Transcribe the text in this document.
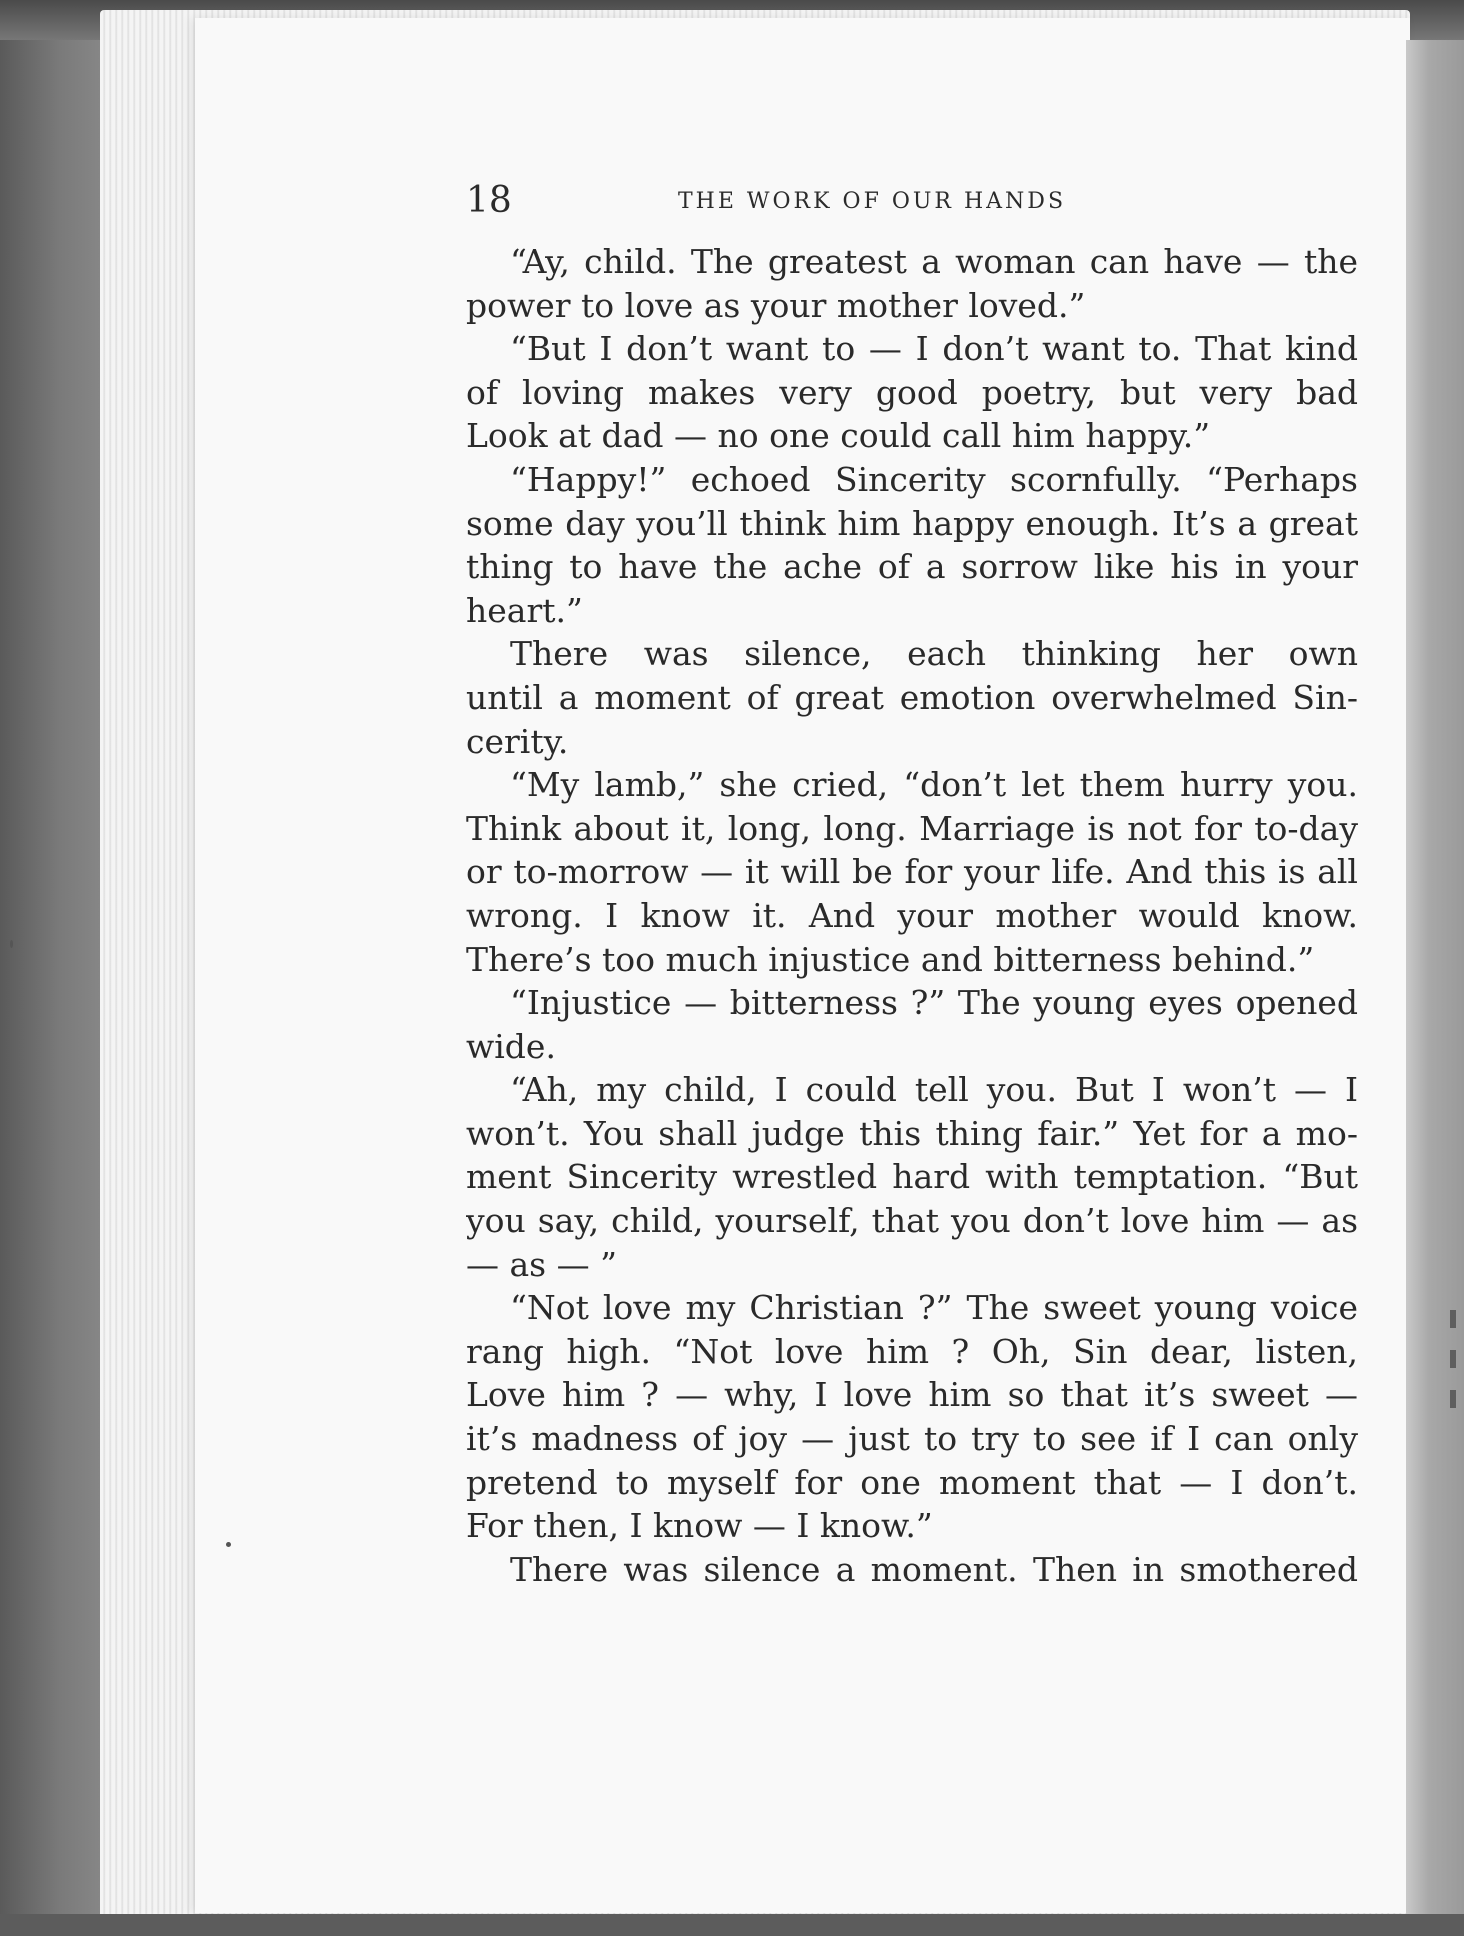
18	THE WORK OF OUR HANDS
“Ay, child. The greatest a woman can have — the
power to love as your mother loved.”
“But I don’t want to — I don’t want to. That kind
of loving makes very good poetry, but very bad
Look at dad — no one could call him happy.”
“Happy!” echoed Sincerity scornfully. “Perhaps
some day you’ll think him happy enough. It’s a great
thing to have the ache of a sorrow like his in your
heart.”
There was silence, each thinking her own
until a moment of great emotion overwhelmed Sin-
cerity.
“My lamb,” she cried, “don’t let them hurry you.
Think about it, long, long. Marriage is not for to-day
or to-morrow — it will be for your life. And this is all
wrong. I know it. And your mother would know.
There’s too much injustice and bitterness behind.”
“Injustice — bitterness ?” The young eyes opened
wide.
“Ah, my child, I could tell you. But I won’t — I
won’t. You shall judge this thing fair.” Yet for a mo-
ment Sincerity wrestled hard with temptation. “But
you say, child, yourself, that you don’t love him — as
— as — ”
“Not love my Christian ?” The sweet young voice
rang high. “Not love him ? Oh, Sin dear, listen,
Love him ? — why, I love him so that it’s sweet —
it’s madness of joy — just to try to see if I can only
pretend to myself for one moment that — I don’t.
For then, I know — I know.”
There was silence a moment. Then in smothered
